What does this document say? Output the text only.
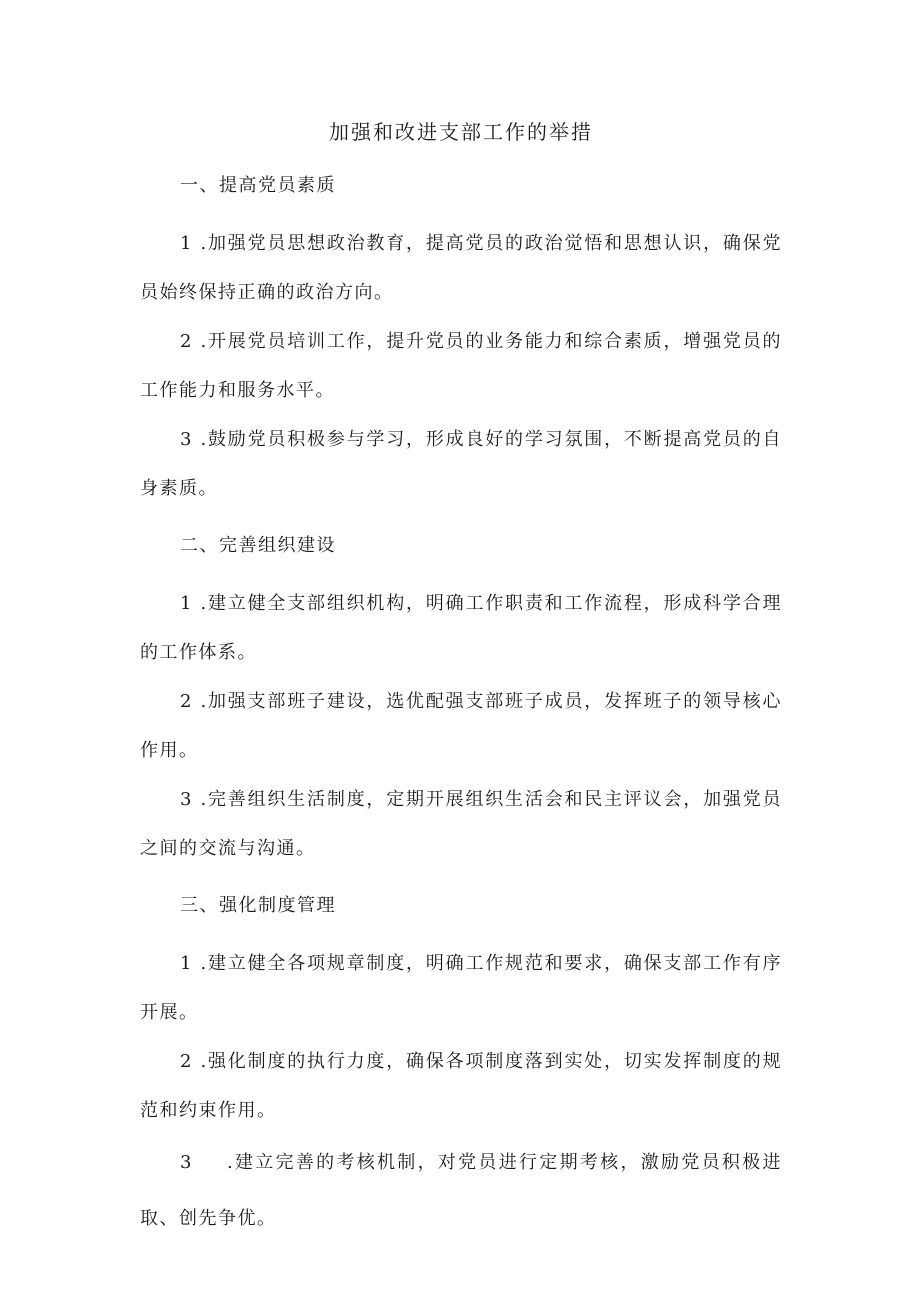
加强和改进支部工作的举措

一、提高党员素质

1 .加强党员思想政治教育，提高党员的政治觉悟和思想认识，确保党员始终保持正确的政治方向。

2 .开展党员培训工作，提升党员的业务能力和综合素质，增强党员的工作能力和服务水平。

3 .鼓励党员积极参与学习，形成良好的学习氛围，不断提高党员的自身素质。

二、完善组织建设

1 .建立健全支部组织机构，明确工作职责和工作流程，形成科学合理的工作体系。

2 .加强支部班子建设，选优配强支部班子成员，发挥班子的领导核心作用。

3 .完善组织生活制度，定期开展组织生活会和民主评议会，加强党员之间的交流与沟通。

三、强化制度管理

1 .建立健全各项规章制度，明确工作规范和要求，确保支部工作有序开展。

2 .强化制度的执行力度，确保各项制度落到实处，切实发挥制度的规范和约束作用。

3 .建立完善的考核机制，对党员进行定期考核，激励党员积极进取、创先争优。
